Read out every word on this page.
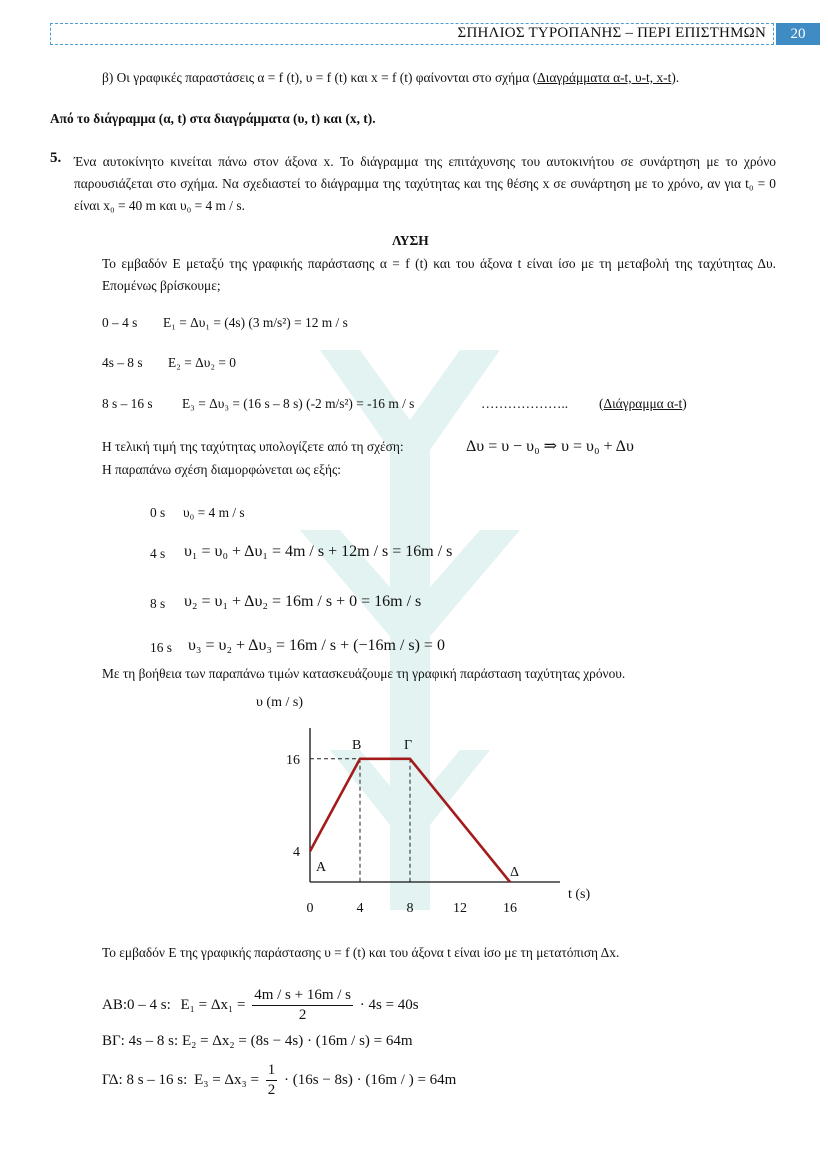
ΣΠΗΛΙΟΣ ΤΥΡΟΠΑΝΗΣ – ΠΕΡΙ ΕΠΙΣΤΗΜΩΝ	20
β) Οι γραφικές παραστάσεις α = f (t), υ = f (t) και x = f (t) φαίνονται στο σχήμα (Διαγράμματα α-t, υ-t, x-t).
Από το διάγραμμα (α, t) στα διαγράμματα (υ, t) και (x, t).
5. Ένα αυτοκίνητο κινείται πάνω στον άξονα x. Το διάγραμμα της επιτάχυνσης του αυτοκινήτου σε συνάρτηση με το χρόνο παρουσιάζεται στο σχήμα. Να σχεδιαστεί το διάγραμμα της ταχύτητας και της θέσης x σε συνάρτηση με το χρόνο, αν για t₀ = 0 είναι x₀ = 40 m και υ₀ = 4 m / s.
ΛΥΣΗ
Το εμβαδόν Ε μεταξύ της γραφικής παράστασης α = f (t) και του άξονα t είναι ίσο με τη μεταβολή της ταχύτητας Δυ. Επομένως βρίσκουμε;
0 – 4 s E₁ = Δυ₁ = (4s) (3 m/s²) = 12 m / s
4s – 8 s E₂ = Δυ₂ = 0
8 s – 16 s E₃ = Δυ₃ = (16 s – 8 s) (-2 m/s²) = -16 m / s	……………….. (Διάγραμμα α-t)
Η τελική τιμή της ταχύτητας υπολογίζετε από τη σχέση:	Δυ = υ − υ₀ ⇒ υ = υ₀ + Δυ
Η παραπάνω σχέση διαμορφώνεται ως εξής:
0 s υ₀ = 4 m / s
4 s υ₁ = υ₀ + Δυ₁ = 4m / s + 12m / s = 16m / s
8 s υ₂ = υ₁ + Δυ₂ = 16m / s + 0 = 16m / s
16 s υ₃ = υ₂ + Δυ₃ = 16m / s + (−16m / s) = 0
Με τη βοήθεια των παραπάνω τιμών κατασκευάζουμε τη γραφική παράσταση ταχύτητας χρόνου.
υ (m / s)
t (s)
0	4	8	12	16
4
16
Α
Β	Γ
Δ
Το εμβαδόν Ε της γραφικής παράστασης υ = f (t) και του άξονα t είναι ίσο με τη μετατόπιση Δx.
ΑΒ:0 – 4 s: $E_1 = \Delta x_1 = \frac{4m / s + 16m / s}{2} \cdot 4s = 40s$
ΒΓ: 4s – 8 s: E₂ = Δx₂ = (8s − 4s) · (16m / s) = 64m
ΓΔ: 8 s – 16 s: $E_3 = \Delta x_3 = \frac{1}{2} \cdot (16s - 8s) \cdot (16m$ / ) = 64m
